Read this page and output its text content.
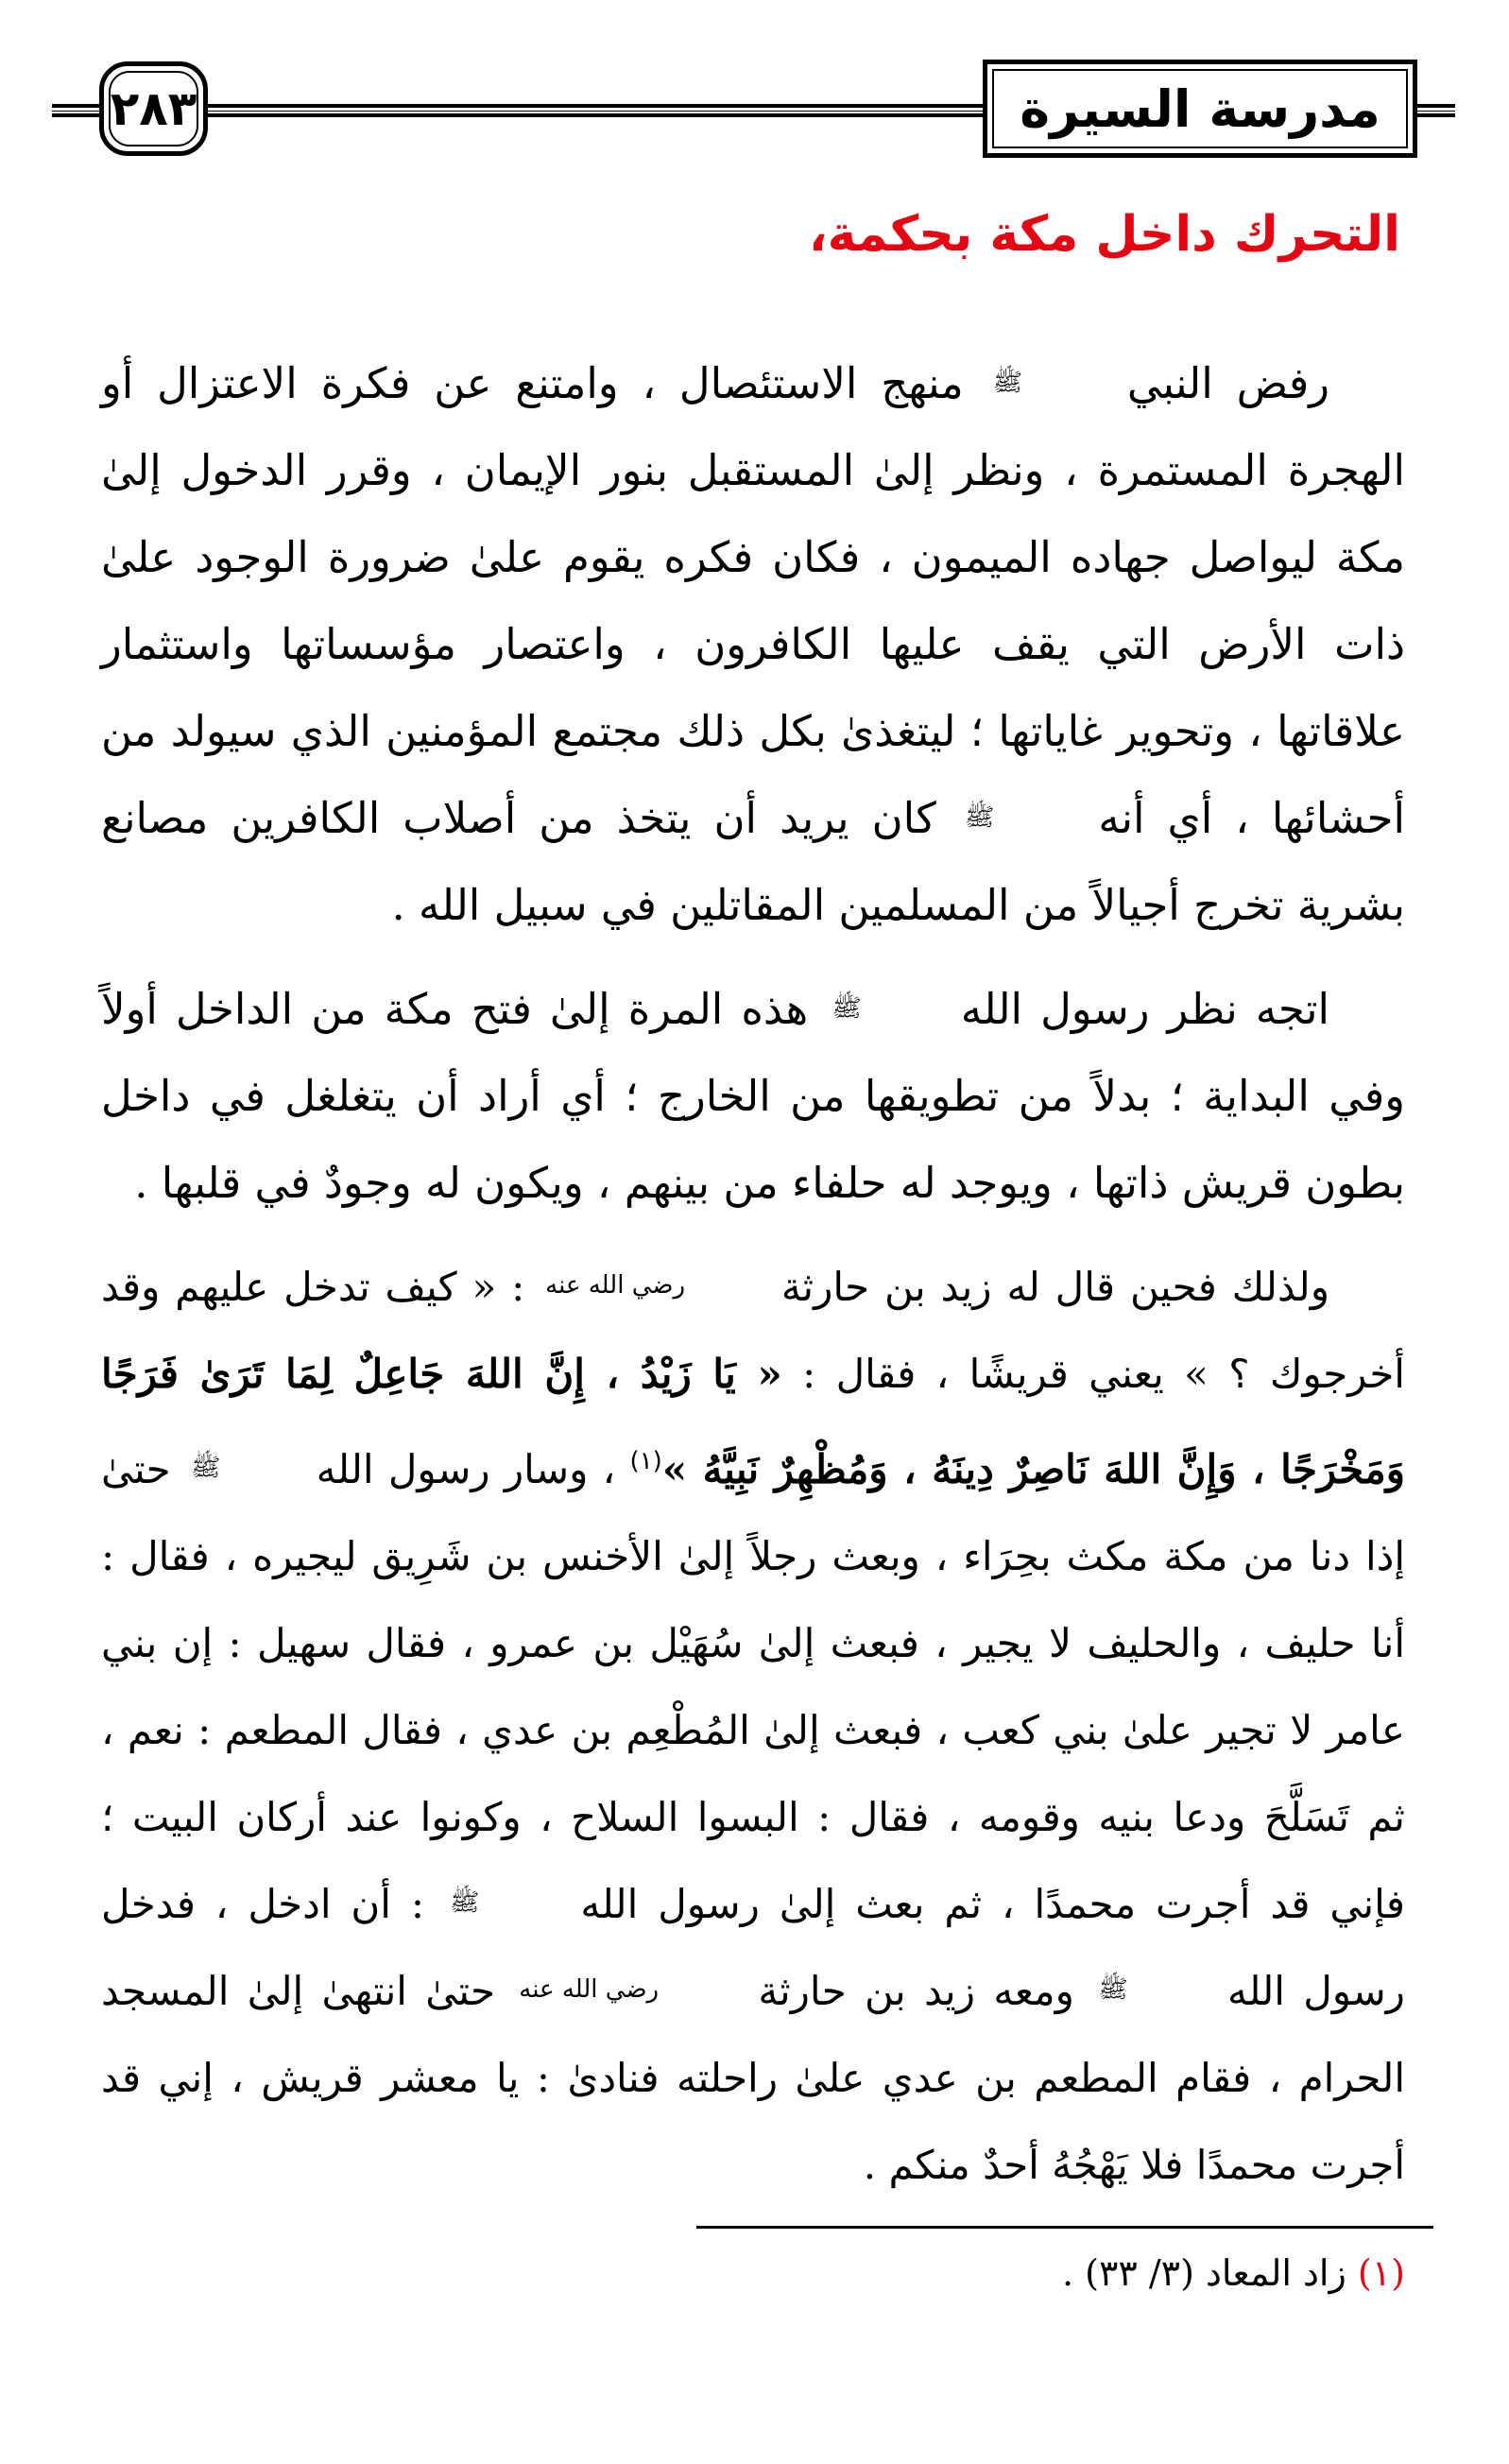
٢٨٣	مدرسة السيرة
التحرك داخل مكة بحكمة،

رفض النبي ﷺ منهج الاستئصال ، وامتنع عن فكرة الاعتزال أو الهجرة المستمرة ، ونظر إلىٰ المستقبل بنور الإيمان ، وقرر الدخول إلىٰ مكة ليواصل جهاده الميمون ، فكان فكره يقوم علىٰ ضرورة الوجود علىٰ ذات الأرض التي يقف عليها الكافرون ، واعتصار مؤسساتها واستثمار علاقاتها ، وتحوير غاياتها ؛ ليتغذىٰ بكل ذلك مجتمع المؤمنين الذي سيولد من أحشائها ، أي أنه ﷺ كان يريد أن يتخذ من أصلاب الكافرين مصانع بشرية تخرج أجيالاً من المسلمين المقاتلين في سبيل الله .

اتجه نظر رسول الله ﷺ هذه المرة إلىٰ فتح مكة من الداخل أولاً وفي البداية ؛ بدلاً من تطويقها من الخارج ؛ أي أراد أن يتغلغل في داخل بطون قريش ذاتها ، ويوجد له حلفاء من بينهم ، ويكون له وجودٌ في قلبها .

ولذلك فحين قال له زيد بن حارثة رضي الله عنه : « كيف تدخل عليهم وقد أخرجوك ؟ » يعني قريشًا ، فقال : « يَا زَيْدُ ، إِنَّ اللهَ جَاعِلٌ لِمَا تَرَىٰ فَرَجًا وَمَخْرَجًا ، وَإِنَّ اللهَ نَاصِرٌ دِينَهُ ، وَمُظْهِرٌ نَبِيَّهُ »$^{(١)}$ ، وسار رسول الله ﷺ حتىٰ إذا دنا من مكة مكث بحِرَاء ، وبعث رجلاً إلىٰ الأخنس بن شَرِيق ليجيره ، فقال : أنا حليف ، والحليف لا يجير ، فبعث إلىٰ سُهَيْل بن عمرو ، فقال سهيل : إن بني عامر لا تجير علىٰ بني كعب ، فبعث إلىٰ المُطْعِم بن عدي ، فقال المطعم : نعم ، ثم تَسَلَّحَ ودعا بنيه وقومه ، فقال : البسوا السلاح ، وكونوا عند أركان البيت ؛ فإني قد أجرت محمدًا ، ثم بعث إلىٰ رسول الله ﷺ : أن ادخل ، فدخل رسول الله ﷺ ومعه زيد بن حارثة رضي الله عنه حتىٰ انتهىٰ إلىٰ المسجد الحرام ، فقام المطعم بن عدي علىٰ راحلته فنادىٰ : يا معشر قريش ، إني قد أجرت محمدًا فلا يَهْجُهُ أحدٌ منكم .

(١) زاد المعاد (٣/ ٣٣) .
